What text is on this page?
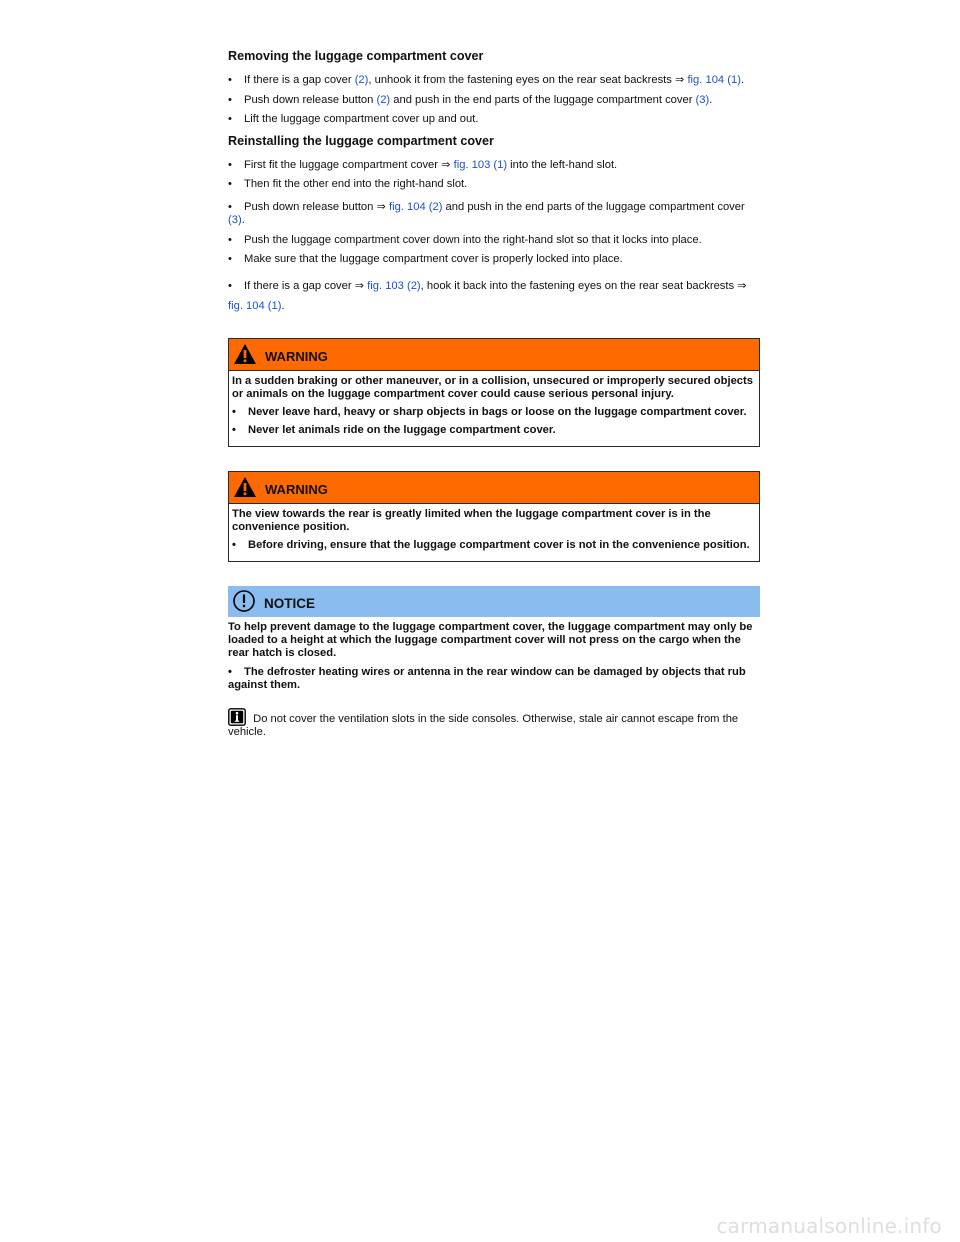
Removing the luggage compartment cover
• If there is a gap cover (2), unhook it from the fastening eyes on the rear seat backrests ⇒ fig. 104 (1).
• Push down release button (2) and push in the end parts of the luggage compartment cover (3).
• Lift the luggage compartment cover up and out.
Reinstalling the luggage compartment cover
• First fit the luggage compartment cover ⇒ fig. 103 (1) into the left-hand slot.
• Then fit the other end into the right-hand slot.
• Push down release button ⇒ fig. 104 (2) and push in the end parts of the luggage compartment cover (3).
• Push the luggage compartment cover down into the right-hand slot so that it locks into place.
• Make sure that the luggage compartment cover is properly locked into place.

• If there is a gap cover ⇒ fig. 103 (2), hook it back into the fastening eyes on the rear seat backrests ⇒ fig. 104 (1).

WARNING

In a sudden braking or other maneuver, or in a collision, unsecured or improperly secured objects or animals on the luggage compartment cover could cause serious personal injury.

• Never leave hard, heavy or sharp objects in bags or loose on the luggage compartment cover.

• Never let animals ride on the luggage compartment cover.

WARNING

The view towards the rear is greatly limited when the luggage compartment cover is in the convenience position.

• Before driving, ensure that the luggage compartment cover is not in the convenience position.

NOTICE

To help prevent damage to the luggage compartment cover, the luggage compartment may only be loaded to a height at which the luggage compartment cover will not press on the cargo when the rear hatch is closed.

• The defroster heating wires or antenna in the rear window can be damaged by objects that rub against them.

Do not cover the ventilation slots in the side consoles. Otherwise, stale air cannot escape from the vehicle.
carmanualsonline.info
